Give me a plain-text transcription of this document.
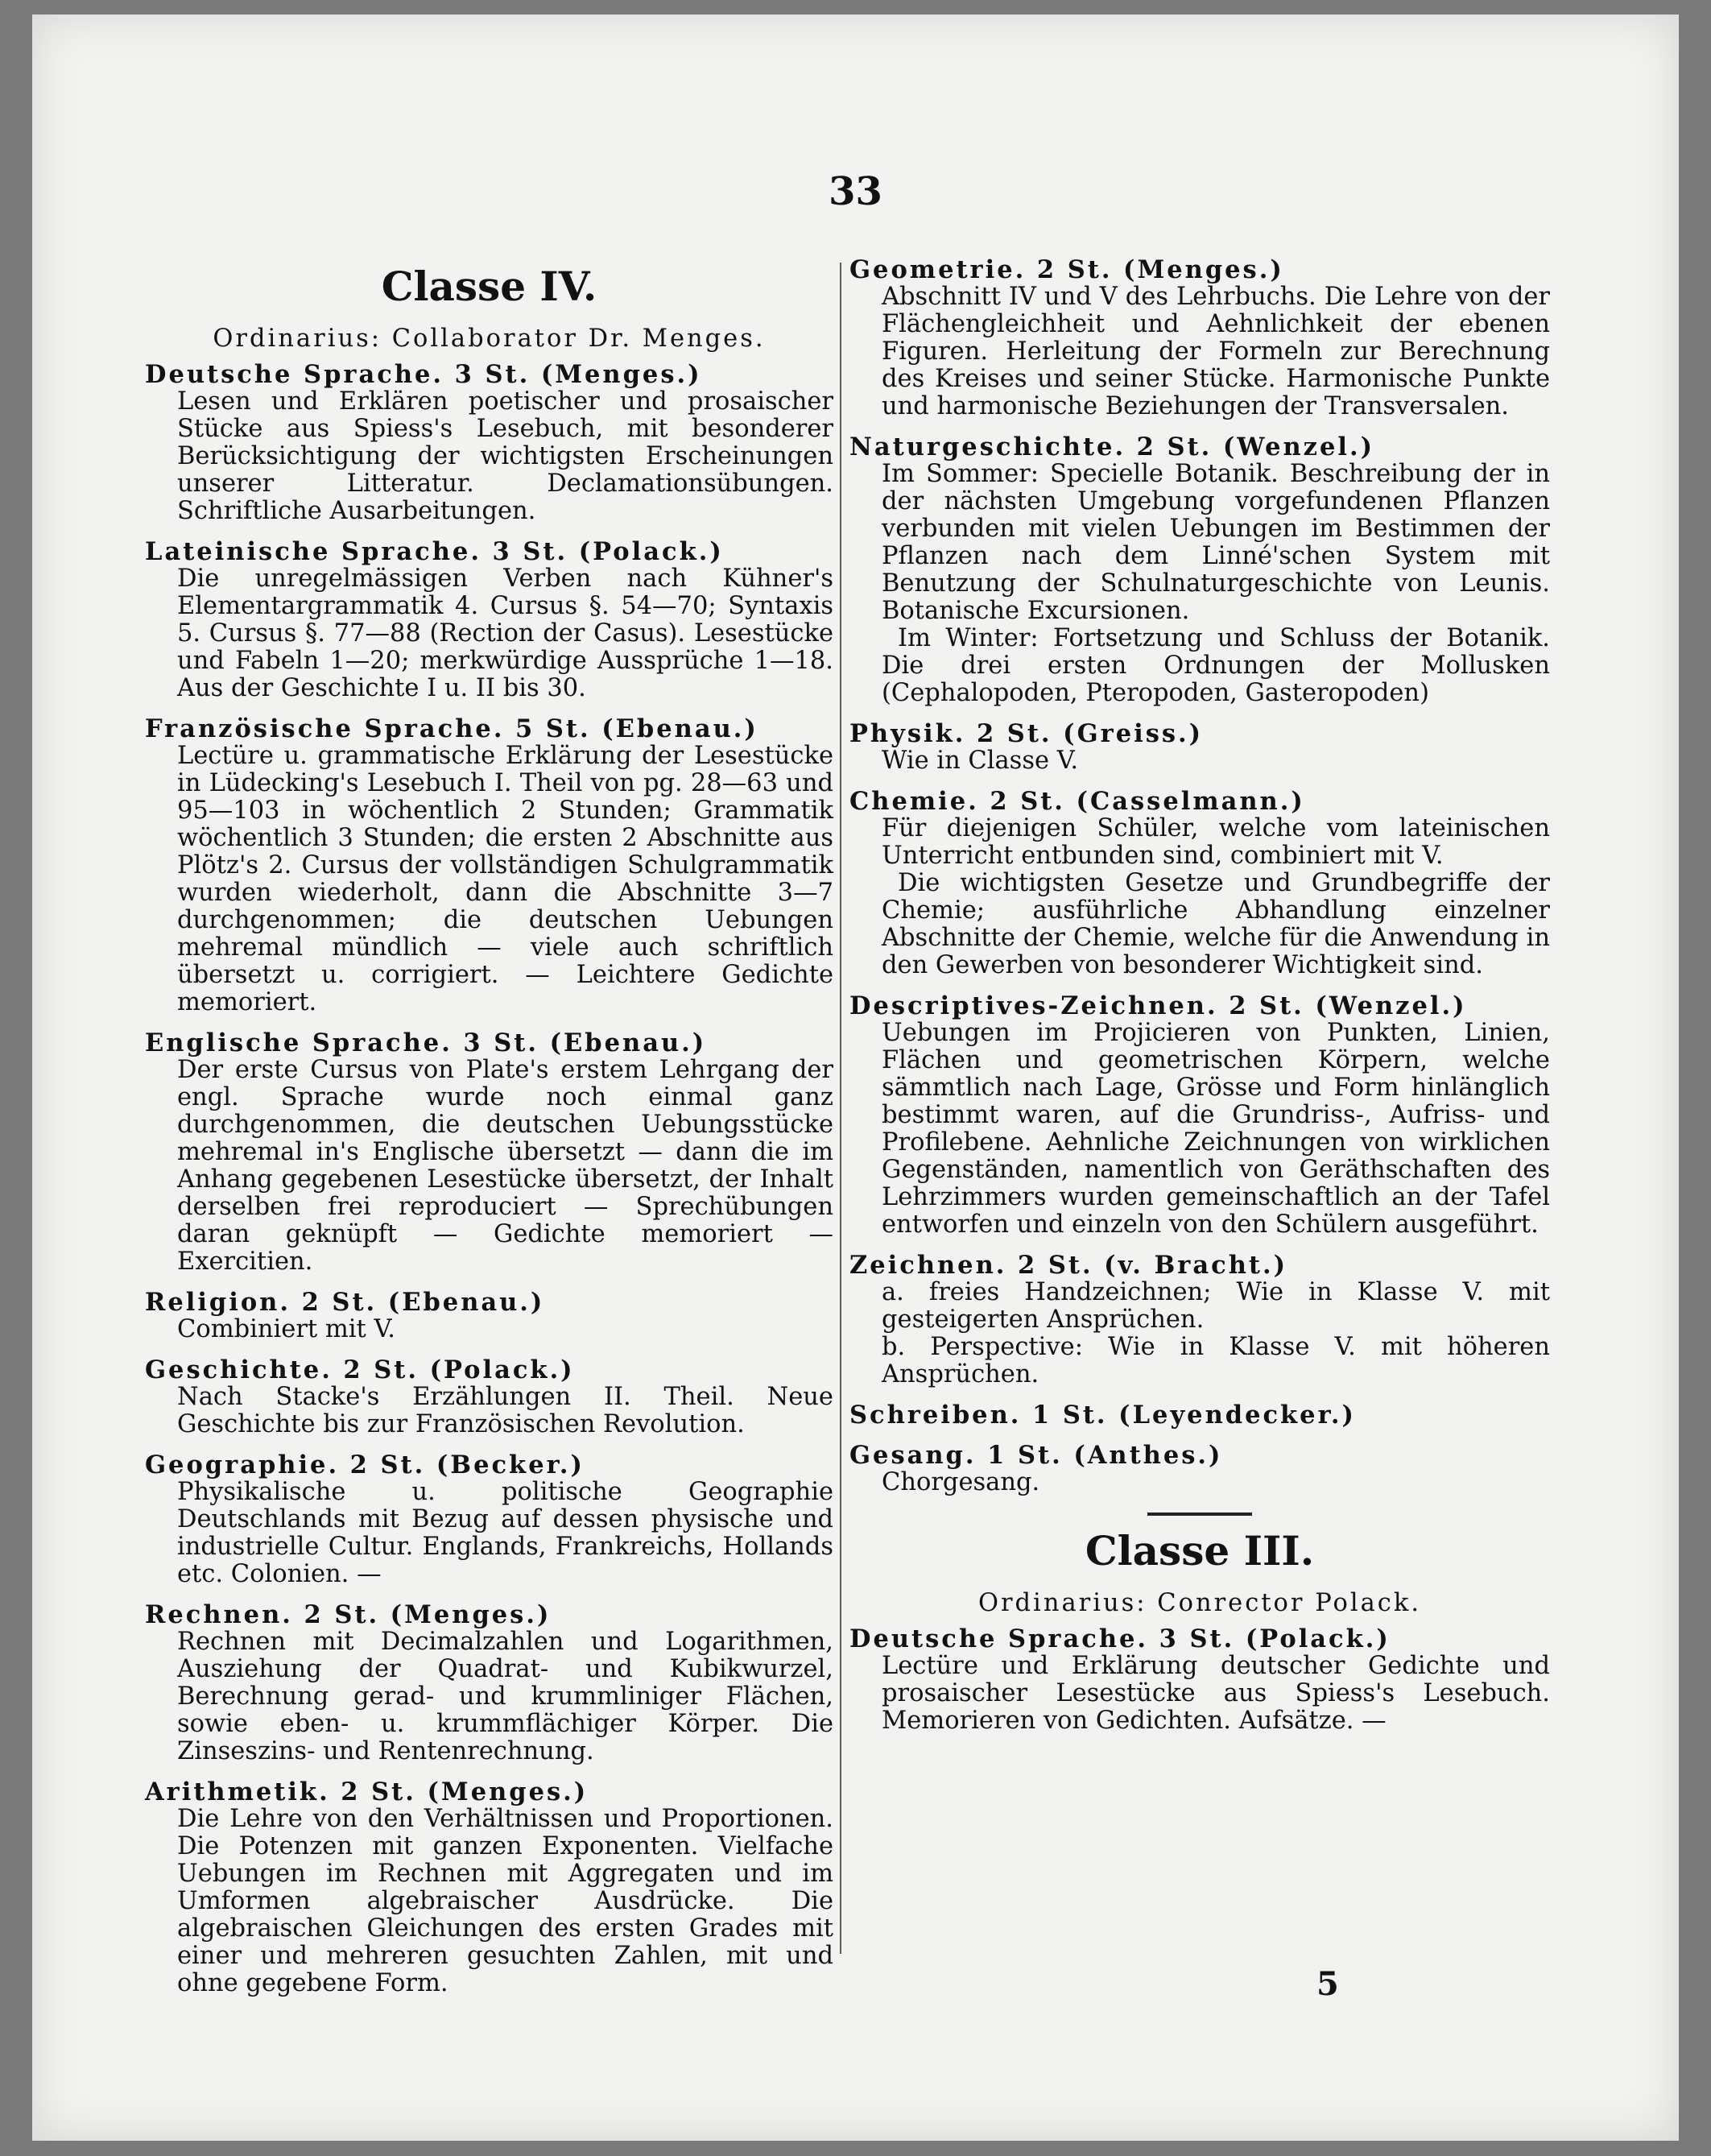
33
Classe IV.
Ordinarius: Collaborator Dr. Menges.
Deutsche Sprache. 3 St. (Menges.)

Lesen und Erklären poetischer und prosaischer Stücke aus Spiess's Lesebuch, mit besonderer Berücksichtigung der wichtigsten Erscheinungen unserer Litteratur. Declamationsübungen. Schriftliche Ausarbeitungen.

Lateinische Sprache. 3 St. (Polack.)

Die unregelmässigen Verben nach Kühner's Elementargrammatik 4. Cursus §. 54—70; Syntaxis 5. Cursus §. 77—88 (Rection der Casus). Lesestücke und Fabeln 1—20; merkwürdige Aussprüche 1—18. Aus der Geschichte I u. II bis 30.

Französische Sprache. 5 St. (Ebenau.)

Lectüre u. grammatische Erklärung der Lesestücke in Lüdecking's Lesebuch I. Theil von pg. 28—63 und 95—103 in wöchentlich 2 Stunden; Grammatik wöchentlich 3 Stunden; die ersten 2 Abschnitte aus Plötz's 2. Cursus der vollständigen Schulgrammatik wurden wiederholt, dann die Abschnitte 3—7 durchgenommen; die deutschen Uebungen mehremal mündlich — viele auch schriftlich übersetzt u. corrigiert. — Leichtere Gedichte memoriert.

Englische Sprache. 3 St. (Ebenau.)

Der erste Cursus von Plate's erstem Lehrgang der engl. Sprache wurde noch einmal ganz durchgenommen, die deutschen Uebungsstücke mehremal in's Englische übersetzt — dann die im Anhang gegebenen Lesestücke übersetzt, der Inhalt derselben frei reproduciert — Sprechübungen daran geknüpft — Gedichte memoriert — Exercitien.

Religion. 2 St. (Ebenau.)

Combiniert mit V.

Geschichte. 2 St. (Polack.)

Nach Stacke's Erzählungen II. Theil. Neue Geschichte bis zur Französischen Revolution.

Geographie. 2 St. (Becker.)

Physikalische u. politische Geographie Deutschlands mit Bezug auf dessen physische und industrielle Cultur. Englands, Frankreichs, Hollands etc. Colonien. —

Rechnen. 2 St. (Menges.)

Rechnen mit Decimalzahlen und Logarithmen, Ausziehung der Quadrat- und Kubikwurzel, Berechnung gerad- und krummliniger Flächen, sowie eben- u. krummflächiger Körper. Die Zinseszins- und Rentenrechnung.

Arithmetik. 2 St. (Menges.)

Die Lehre von den Verhältnissen und Proportionen. Die Potenzen mit ganzen Exponenten. Vielfache Uebungen im Rechnen mit Aggregaten und im Umformen algebraischer Ausdrücke. Die algebraischen Gleichungen des ersten Grades mit einer und mehreren gesuchten Zahlen, mit und ohne gegebene Form.

Geometrie. 2 St. (Menges.)

Abschnitt IV und V des Lehrbuchs. Die Lehre von der Flächengleichheit und Aehnlichkeit der ebenen Figuren. Herleitung der Formeln zur Berechnung des Kreises und seiner Stücke. Harmonische Punkte und harmonische Beziehungen der Transversalen.

Naturgeschichte. 2 St. (Wenzel.)

Im Sommer: Specielle Botanik. Beschreibung der in der nächsten Umgebung vorgefundenen Pflanzen verbunden mit vielen Uebungen im Bestimmen der Pflanzen nach dem Linné'schen System mit Benutzung der Schulnaturgeschichte von Leunis. Botanische Excursionen.

Im Winter: Fortsetzung und Schluss der Botanik. Die drei ersten Ordnungen der Mollusken (Cephalopoden, Pteropoden, Gasteropoden)

Physik. 2 St. (Greiss.)

Wie in Classe V.

Chemie. 2 St. (Casselmann.)

Für diejenigen Schüler, welche vom lateinischen Unterricht entbunden sind, combiniert mit V.

Die wichtigsten Gesetze und Grundbegriffe der Chemie; ausführliche Abhandlung einzelner Abschnitte der Chemie, welche für die Anwendung in den Gewerben von besonderer Wichtigkeit sind.

Descriptives-Zeichnen. 2 St. (Wenzel.)

Uebungen im Projicieren von Punkten, Linien, Flächen und geometrischen Körpern, welche sämmtlich nach Lage, Grösse und Form hinlänglich bestimmt waren, auf die Grundriss-, Aufriss- und Profilebene. Aehnliche Zeichnungen von wirklichen Gegenständen, namentlich von Geräthschaften des Lehrzimmers wurden gemeinschaftlich an der Tafel entworfen und einzeln von den Schülern ausgeführt.

Zeichnen. 2 St. (v. Bracht.)
a. freies Handzeichnen; Wie in Klasse V. mit gesteigerten Ansprüchen.
b. Perspective: Wie in Klasse V. mit höheren Ansprüchen.
Schreiben. 1 St. (Leyendecker.)
Gesang. 1 St. (Anthes.)

Chorgesang.

Classe III.
Ordinarius: Conrector Polack.
Deutsche Sprache. 3 St. (Polack.)

Lectüre und Erklärung deutscher Gedichte und prosaischer Lesestücke aus Spiess's Lesebuch. Memorieren von Gedichten. Aufsätze. —

5
